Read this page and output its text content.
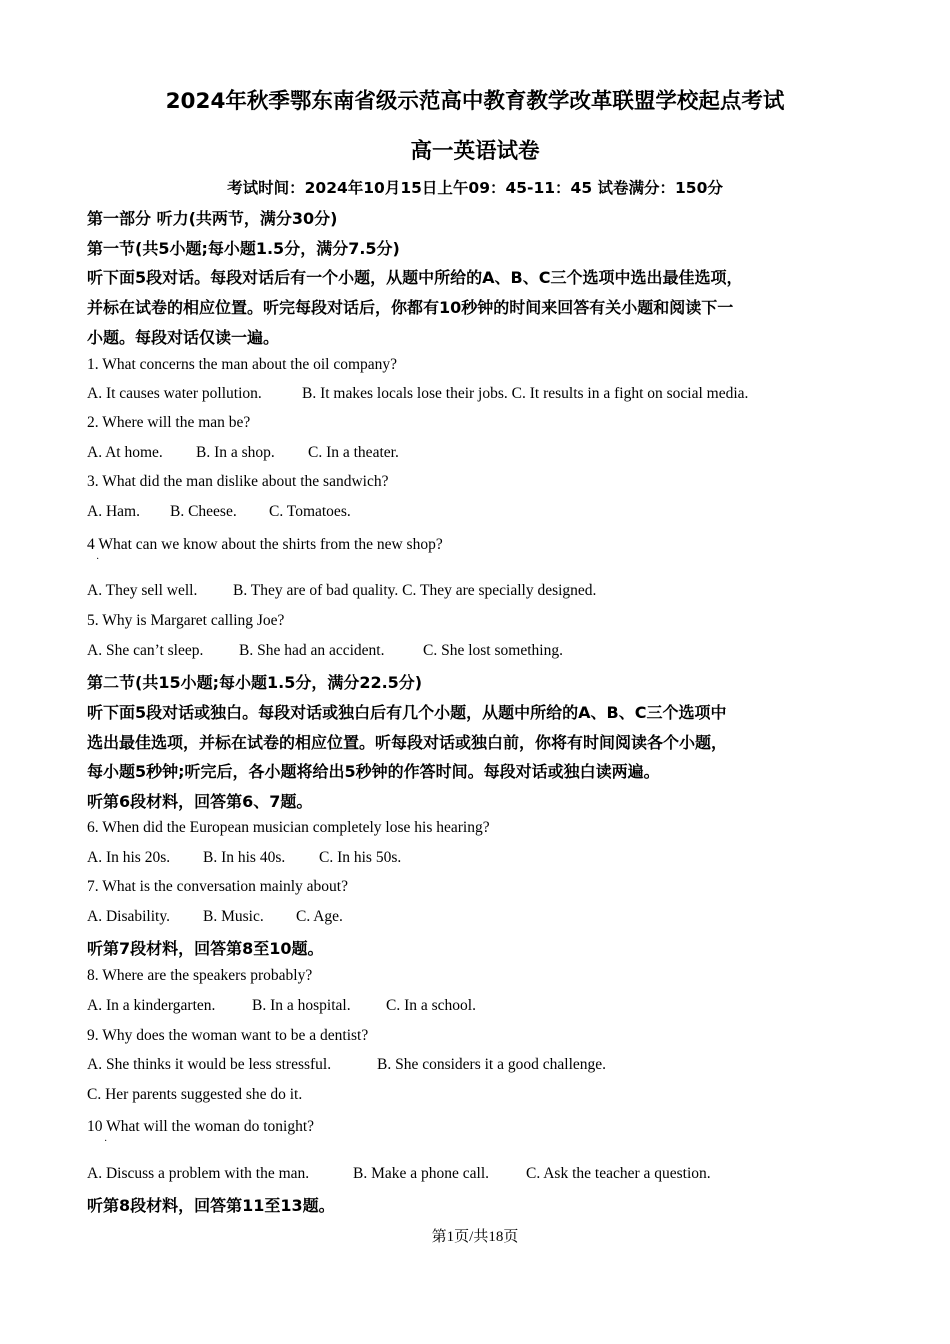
2024年秋季鄂东南省级示范高中教育教学改革联盟学校起点考试
高一英语试卷
考试时间：2024年10月15日上午09：45-11：45 试卷满分：150分
第一部分 听力(共两节，满分30分)
第一节(共5小题;每小题1.5分，满分7.5分)
听下面5段对话。每段对话后有一个小题，从题中所给的A、B、C三个选项中选出最佳选项，
并标在试卷的相应位置。听完每段对话后，你都有10秒钟的时间来回答有关小题和阅读下一
小题。每段对话仅读一遍。
1. What concerns the man about the oil company?
A. It causes water pollution.	B. It makes locals lose their jobs. C. It results in a fight on social media.
2. Where will the man be?
A. At home. B. In a shop. C. In a theater.
3. What did the man dislike about the sandwich?
A. Ham. B. Cheese. C. Tomatoes.
4 What can we know about the shirts from the new shop?
·
A. They sell well. B. They are of bad quality. C. They are specially designed.
5. Why is Margaret calling Joe?
A. She can’t sleep. B. She had an accident. C. She lost something.
第二节(共15小题;每小题1.5分，满分22.5分)
听下面5段对话或独白。每段对话或独白后有几个小题，从题中所给的A、B、C三个选项中
选出最佳选项，并标在试卷的相应位置。听每段对话或独白前，你将有时间阅读各个小题，
每小题5秒钟;听完后，各小题将给出5秒钟的作答时间。每段对话或独白读两遍。
听第6段材料，回答第6、7题。
6. When did the European musician completely lose his hearing?
A. In his 20s. B. In his 40s. C. In his 50s.
7. What is the conversation mainly about?
A. Disability. B. Music. C. Age.
听第7段材料，回答第8至10题。
8. Where are the speakers probably?
A. In a kindergarten. B. In a hospital. C. In a school.
9. Why does the woman want to be a dentist?
A. She thinks it would be less stressful.	B. She considers it a good challenge.
C. Her parents suggested she do it.
10 What will the woman do tonight?
·
A. Discuss a problem with the man.	B. Make a phone call. C. Ask the teacher a question.
听第8段材料，回答第11至13题。
第1页/共18页
